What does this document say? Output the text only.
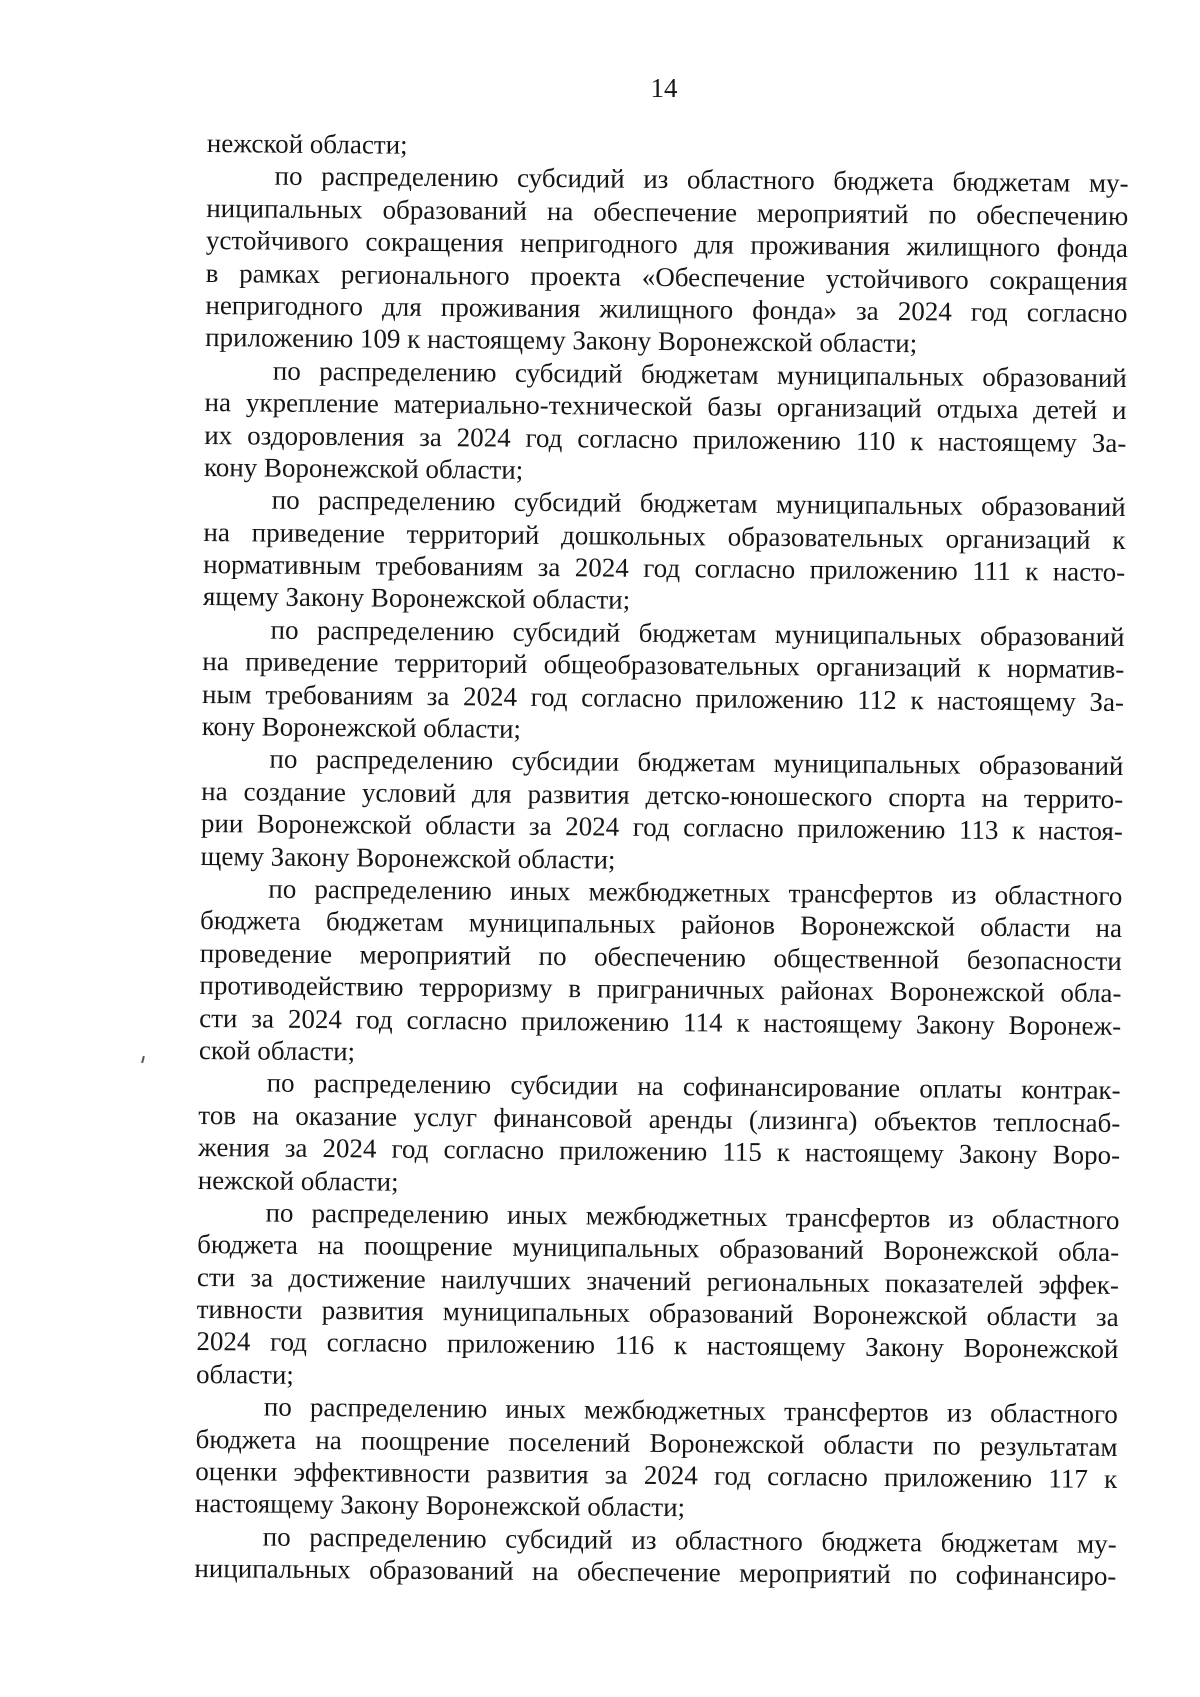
14
нежской области;
по распределению субсидий из областного бюджета бюджетам му-
ниципальных образований на обеспечение мероприятий по обеспечению
устойчивого сокращения непригодного для проживания жилищного фонда
в рамках регионального проекта «Обеспечение устойчивого сокращения
непригодного для проживания жилищного фонда» за 2024 год согласно
приложению 109 к настоящему Закону Воронежской области;
по распределению субсидий бюджетам муниципальных образований
на укрепление материально-технической базы организаций отдыха детей и
их оздоровления за 2024 год согласно приложению 110 к настоящему За-
кону Воронежской области;
по распределению субсидий бюджетам муниципальных образований
на приведение территорий дошкольных образовательных организаций к
нормативным требованиям за 2024 год согласно приложению 111 к насто-
ящему Закону Воронежской области;
по распределению субсидий бюджетам муниципальных образований
на приведение территорий общеобразовательных организаций к норматив-
ным требованиям за 2024 год согласно приложению 112 к настоящему За-
кону Воронежской области;
по распределению субсидии бюджетам муниципальных образований
на создание условий для развития детско-юношеского спорта на террито-
рии Воронежской области за 2024 год согласно приложению 113 к настоя-
щему Закону Воронежской области;
по распределению иных межбюджетных трансфертов из областного
бюджета бюджетам муниципальных районов Воронежской области на
проведение мероприятий по обеспечению общественной безопасности
противодействию терроризму в приграничных районах Воронежской обла-
сти за 2024 год согласно приложению 114 к настоящему Закону Воронеж-
ской области;
по распределению субсидии на софинансирование оплаты контрак-
тов на оказание услуг финансовой аренды (лизинга) объектов теплоснаб-
жения за 2024 год согласно приложению 115 к настоящему Закону Воро-
нежской области;
по распределению иных межбюджетных трансфертов из областного
бюджета на поощрение муниципальных образований Воронежской обла-
сти за достижение наилучших значений региональных показателей эффек-
тивности развития муниципальных образований Воронежской области за
2024 год согласно приложению 116 к настоящему Закону Воронежской
области;
по распределению иных межбюджетных трансфертов из областного
бюджета на поощрение поселений Воронежской области по результатам
оценки эффективности развития за 2024 год согласно приложению 117 к
настоящему Закону Воронежской области;
по распределению субсидий из областного бюджета бюджетам му-
ниципальных образований на обеспечение мероприятий по софинансиро-
